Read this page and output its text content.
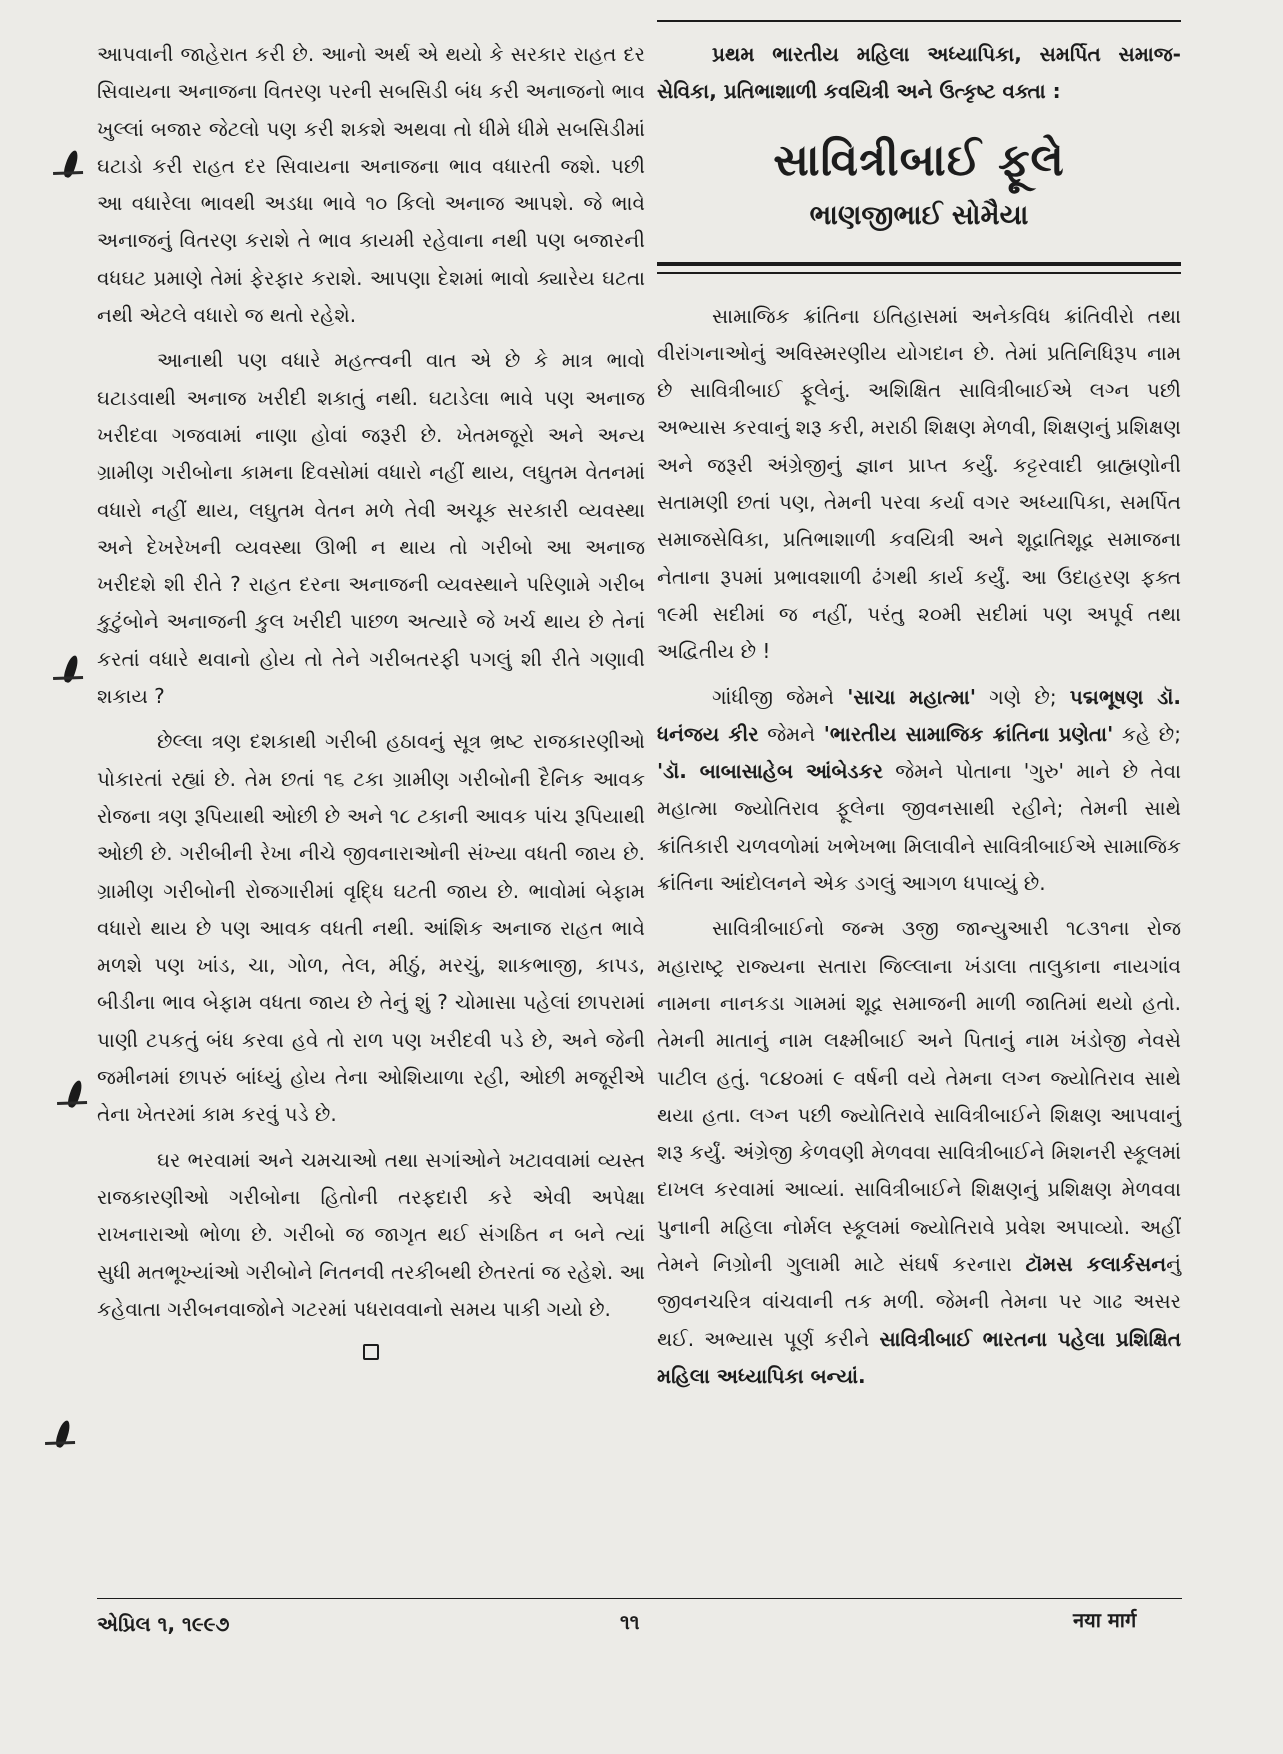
આપવાની જાહેરાત કરી છે. આનો અર્થ એ થયો કે સરકાર રાહત દર સિવાયના અનાજના વિતરણ પરની સબસિડી બંધ કરી અનાજનો ભાવ ખુલ્લાં બજાર જેટલો પણ કરી શકશે અથવા તો ધીમે ધીમે સબસિડીમાં ઘટાડો કરી રાહત દર સિવાયના અનાજના ભાવ વધારતી જશે. પછી આ વધારેલા ભાવથી અડધા ભાવે ૧૦ કિલો અનાજ આપશે. જે ભાવે અનાજનું વિતરણ કરાશે તે ભાવ કાયમી રહેવાના નથી પણ બજારની વધઘટ પ્રમાણે તેમાં ફેરફાર કરાશે. આપણા દેશમાં ભાવો ક્યારેય ઘટતા નથી એટલે વધારો જ થતો રહેશે.

આનાથી પણ વધારે મહત્ત્વની વાત એ છે કે માત્ર ભાવો ઘટાડવાથી અનાજ ખરીદી શકાતું નથી. ઘટાડેલા ભાવે પણ અનાજ ખરીદવા ગજવામાં નાણા હોવાં જરૂરી છે. ખેતમજૂરો અને અન્ય ગ્રામીણ ગરીબોના કામના દિવસોમાં વધારો નહીં થાય, લઘુતમ વેતનમાં વધારો નહીં થાય, લઘુતમ વેતન મળે તેવી અચૂક સરકારી વ્યવસ્થા અને દેખરેખની વ્યવસ્થા ઊભી ન થાય તો ગરીબો આ અનાજ ખરીદશે શી રીતે ? રાહત દરના અનાજની વ્યવસ્થાને પરિણામે ગરીબ કુટુંબોને અનાજની કુલ ખરીદી પાછળ અત્યારે જે ખર્ચ થાય છે તેનાં કરતાં વધારે થવાનો હોય તો તેને ગરીબતરફી પગલું શી રીતે ગણાવી શકાય ?

છેલ્લા ત્રણ દશકાથી ગરીબી હઠાવનું સૂત્ર ભ્રષ્ટ રાજકારણીઓ પોકારતાં રહ્યાં છે. તેમ છતાં ૧૬ ટકા ગ્રામીણ ગરીબોની દૈનિક આવક રોજના ત્રણ રૂપિયાથી ઓછી છે અને ૧૮ ટકાની આવક પાંચ રૂપિયાથી ઓછી છે. ગરીબીની રેખા નીચે જીવનારાઓની સંખ્યા વધતી જાય છે. ગ્રામીણ ગરીબોની રોજગારીમાં વૃદ્ધિ ઘટતી જાય છે. ભાવોમાં બેફામ વધારો થાય છે પણ આવક વધતી નથી. આંશિક અનાજ રાહત ભાવે મળશે પણ ખાંડ, ચા, ગોળ, તેલ, મીઠું, મરચું, શાકભાજી, કાપડ, બીડીના ભાવ બેફામ વધતા જાય છે તેનું શું ? ચોમાસા પહેલાં છાપરામાં પાણી ટપકતું બંધ કરવા હવે તો રાળ પણ ખરીદવી પડે છે, અને જેની જમીનમાં છાપરું બાંધ્યું હોય તેના ઓશિયાળા રહી, ઓછી મજૂરીએ તેના ખેતરમાં કામ કરવું પડે છે.

ઘર ભરવામાં અને ચમચાઓ તથા સગાંઓને ખટાવવામાં વ્યસ્ત રાજકારણીઓ ગરીબોના હિતોની તરફદારી કરે એવી અપેક્ષા રાખનારાઓ ભોળા છે. ગરીબો જ જાગૃત થઈ સંગઠિત ન બને ત્યાં સુધી મતભૂખ્યાંઓ ગરીબોને નિતનવી તરકીબથી છેતરતાં જ રહેશે. આ કહેવાતા ગરીબનવાજોને ગટરમાં પધરાવવાનો સમય પાકી ગયો છે.

પ્રથમ ભારતીય મહિલા અધ્યાપિકા, સમર્પિત સમાજ-સેવિકા, પ્રતિભાશાળી કવયિત્રી અને ઉત્કૃષ્ટ વક્તા :

સાવિત્રીબાઈ ફૂલે
ભાણજીભાઈ સોમૈયા

સામાજિક ક્રાંતિના ઇતિહાસમાં અનેકવિધ ક્રાંતિવીરો તથા વીરાંગનાઓનું અવિસ્મરણીય યોગદાન છે. તેમાં પ્રતિનિધિરૂપ નામ છે સાવિત્રીબાઈ ફૂલેનું. અશિક્ષિત સાવિત્રીબાઈએ લગ્ન પછી અભ્યાસ કરવાનું શરૂ કરી, મરાઠી શિક્ષણ મેળવી, શિક્ષણનું પ્રશિક્ષણ અને જરૂરી અંગ્રેજીનું જ્ઞાન પ્રાપ્ત કર્યું. કટ્ટરવાદી બ્રાહ્મણોની સતામણી છતાં પણ, તેમની પરવા કર્યા વગર અધ્યાપિકા, સમર્પિત સમાજસેવિકા, પ્રતિભાશાળી કવયિત્રી અને શૂદ્રાતિશૂદ્ર સમાજના નેતાના રૂપમાં પ્રભાવશાળી ઢંગથી કાર્ય કર્યું. આ ઉદાહરણ ફક્ત ૧૯મી સદીમાં જ નહીં, પરંતુ ૨૦મી સદીમાં પણ અપૂર્વ તથા અદ્વિતીય છે !

ગાંધીજી જેમને 'સાચા મહાત્મા' ગણે છે; પદ્મભૂષણ ડૉ. ધનંજય કીર જેમને 'ભારતીય સામાજિક ક્રાંતિના પ્રણેતા' કહે છે; 'ડૉ. બાબાસાહેબ આંબેડકર જેમને પોતાના 'ગુરુ' માને છે તેવા મહાત્મા જ્યોતિરાવ ફૂલેના જીવનસાથી રહીને; તેમની સાથે ક્રાંતિકારી ચળવળોમાં ખભેખભા મિલાવીને સાવિત્રીબાઈએ સામાજિક ક્રાંતિના આંદોલનને એક ડગલું આગળ ધપાવ્યું છે.

સાવિત્રીબાઈનો જન્મ ૩જી જાન્યુઆરી ૧૮૩૧ના રોજ મહારાષ્ટ્ર રાજ્યના સતારા જિલ્લાના ખંડાલા તાલુકાના નાયગાંવ નામના નાનકડા ગામમાં શૂદ્ર સમાજની માળી જાતિમાં થયો હતો. તેમની માતાનું નામ લક્ષ્મીબાઈ અને પિતાનું નામ ખંડોજી નેવસે પાટીલ હતું. ૧૮૪૦માં ૯ વર્ષની વયે તેમના લગ્ન જ્યોતિરાવ સાથે થયા હતા. લગ્ન પછી જ્યોતિરાવે સાવિત્રીબાઈને શિક્ષણ આપવાનું શરૂ કર્યું. અંગ્રેજી કેળવણી મેળવવા સાવિત્રીબાઈને મિશનરી સ્કૂલમાં દાખલ કરવામાં આવ્યાં. સાવિત્રીબાઈને શિક્ષણનું પ્રશિક્ષણ મેળવવા પુનાની મહિલા નોર્મલ સ્કૂલમાં જ્યોતિરાવે પ્રવેશ અપાવ્યો. અહીં તેમને નિગ્રોની ગુલામી માટે સંઘર્ષ કરનારા ટૉમસ કલાર્કસનનું જીવનચરિત્ર વાંચવાની તક મળી. જેમની તેમના પર ગાઢ અસર થઈ. અભ્યાસ પૂર્ણ કરીને સાવિત્રીબાઈ ભારતના પહેલા પ્રશિક્ષિત મહિલા અધ્યાપિકા બન્યાં.

એપ્રિલ ૧, ૧૯૯૭	૧૧	नया मार्ग
